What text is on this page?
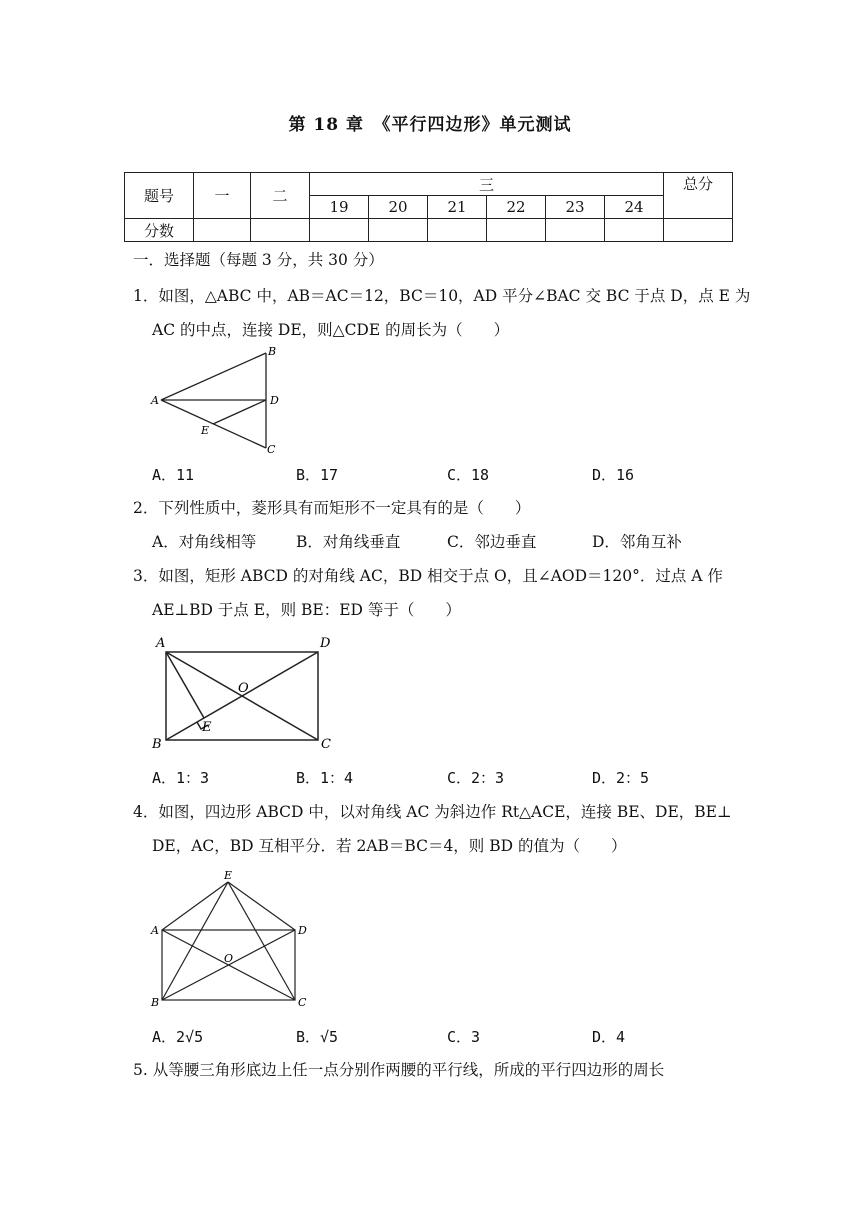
第 18 章　《平行四边形》单元测试
题号	一	二	三						总分
			19	20	21	22	23	24	
分数									
一．选择题（每题 3 分，共 30 分）
1．如图，△ABC 中，AB＝AC＝12，BC＝10，AD 平分∠BAC 交 BC 于点 D，点 E 为
AC 的中点，连接 DE，则△CDE 的周长为（　　）
A
B
D
E
C
A．11	B．17	C．18	D．16
2．下列性质中，菱形具有而矩形不一定具有的是（　　）
A．对角线相等	B．对角线垂直	C．邻边垂直	D．邻角互补
3．如图，矩形 ABCD 的对角线 AC，BD 相交于点 O，且∠AOD＝120°．过点 A 作
AE⊥BD 于点 E，则 BE：ED 等于（　　）
A	D
O
E
B	C
A．1：3	B．1：4	C．2：3	D．2：5
4．如图，四边形 ABCD 中，以对角线 AC 为斜边作 Rt△ACE，连接 BE、DE，BE⊥
DE，AC，BD 互相平分．若 2AB＝BC＝4，则 BD 的值为（　　）
E
A	D
O
B	C
A．2√5	B．√5	C．3	D．4
5. 从等腰三角形底边上任一点分别作两腰的平行线，所成的平行四边形的周长
